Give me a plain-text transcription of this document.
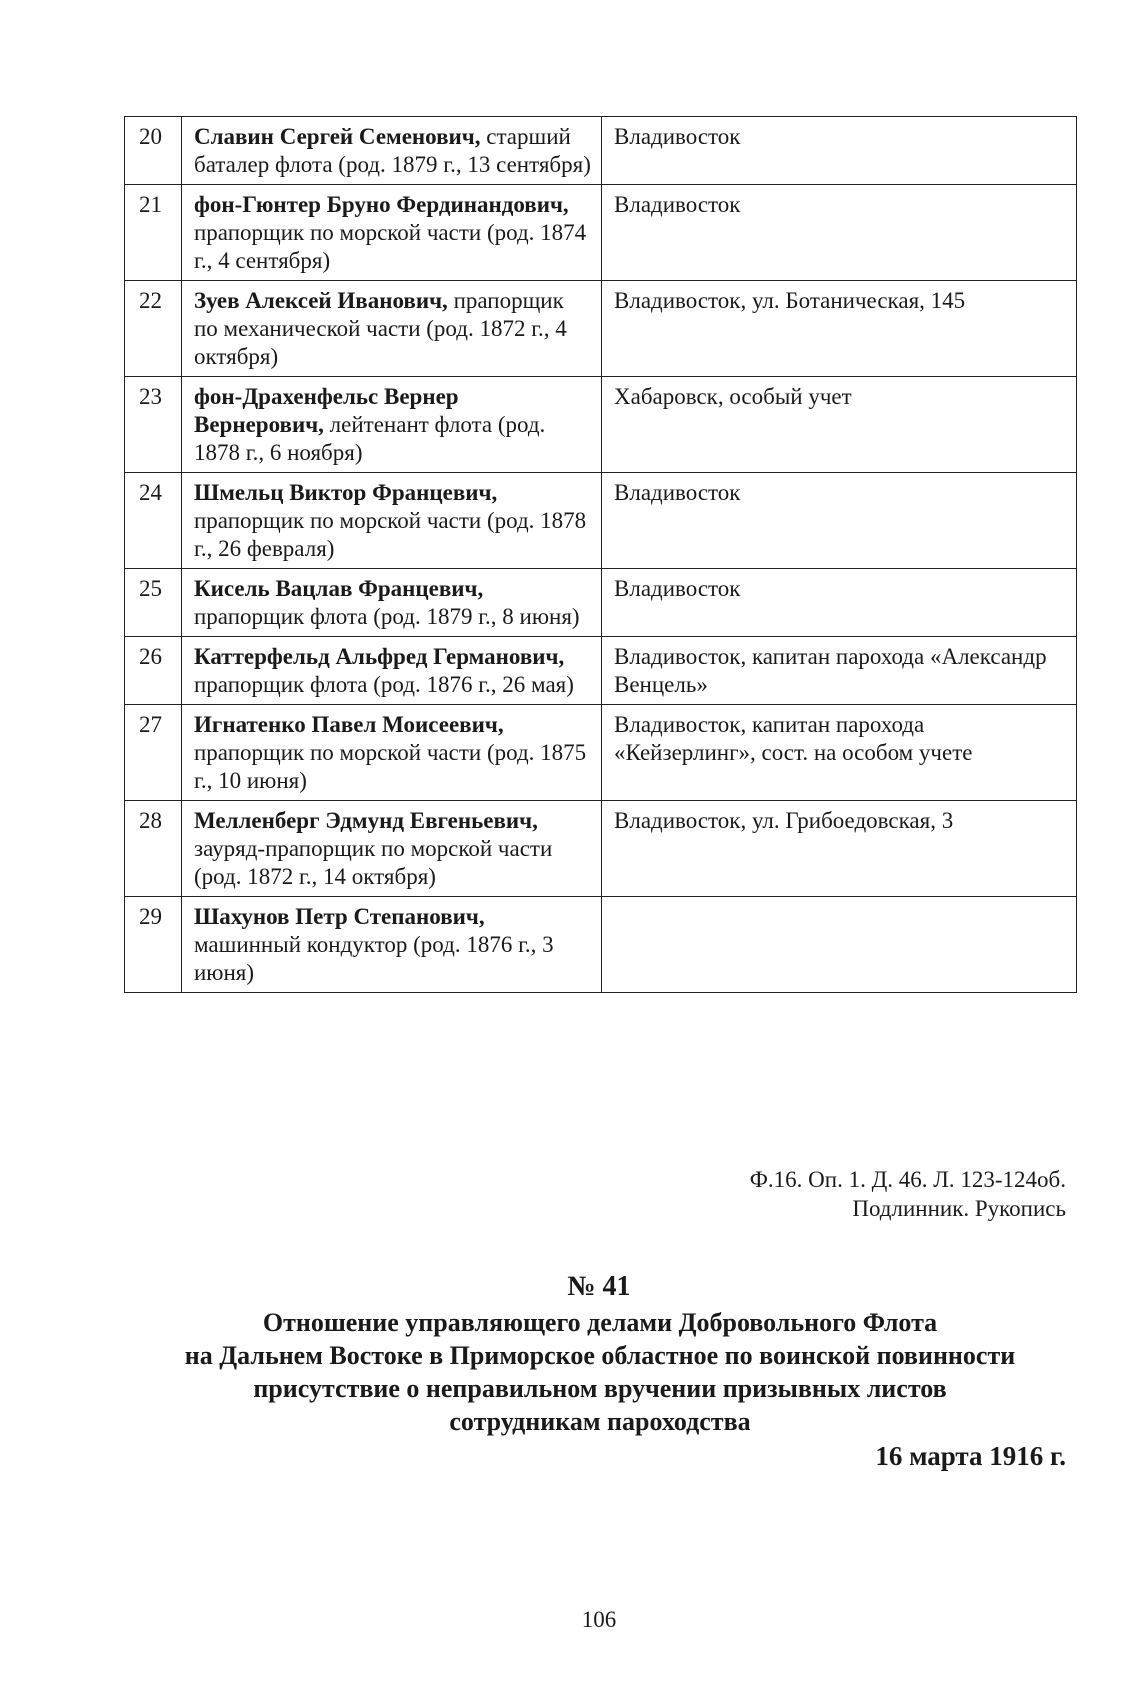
20	Славин Сергей Семенович, старший баталер флота (род. 1879 г., 13 сентября)	Владивосток
21	фон-Гюнтер Бруно Фердинандович, прапорщик по морской части (род. 1874 г., 4 сентября)	Владивосток
22	Зуев Алексей Иванович, прапорщик по механической части (род. 1872 г., 4 октября)	Владивосток, ул. Ботаническая, 145
23	фон-Драхенфельс Вернер Вернерович, лейтенант флота (род. 1878 г., 6 ноября)	Хабаровск, особый учет
24	Шмельц Виктор Францевич, прапорщик по морской части (род. 1878 г., 26 февраля)	Владивосток
25	Кисель Вацлав Францевич, прапорщик флота (род. 1879 г., 8 июня)	Владивосток
26	Каттерфельд Альфред Германович, прапорщик флота (род. 1876 г., 26 мая)	Владивосток, капитан парохода «Александр Венцель»
27	Игнатенко Павел Моисеевич, прапорщик по морской части (род. 1875 г., 10 июня)	Владивосток, капитан парохода «Кейзерлинг», сост. на особом учете
28	Мелленберг Эдмунд Евгеньевич, зауряд-прапорщик по морской части (род. 1872 г., 14 октября)	Владивосток, ул. Грибоедовская, 3
29	Шахунов Петр Степанович, машинный кондуктор (род. 1876 г., 3 июня)	
Ф.16. Оп. 1. Д. 46. Л. 123-124об.
Подлинник. Рукопись
№ 41
Отношение управляющего делами Добровольного Флота
на Дальнем Востоке в Приморское областное по воинской повинности
присутствие о неправильном вручении призывных листов
сотрудникам пароходства
16 марта 1916 г.
106
